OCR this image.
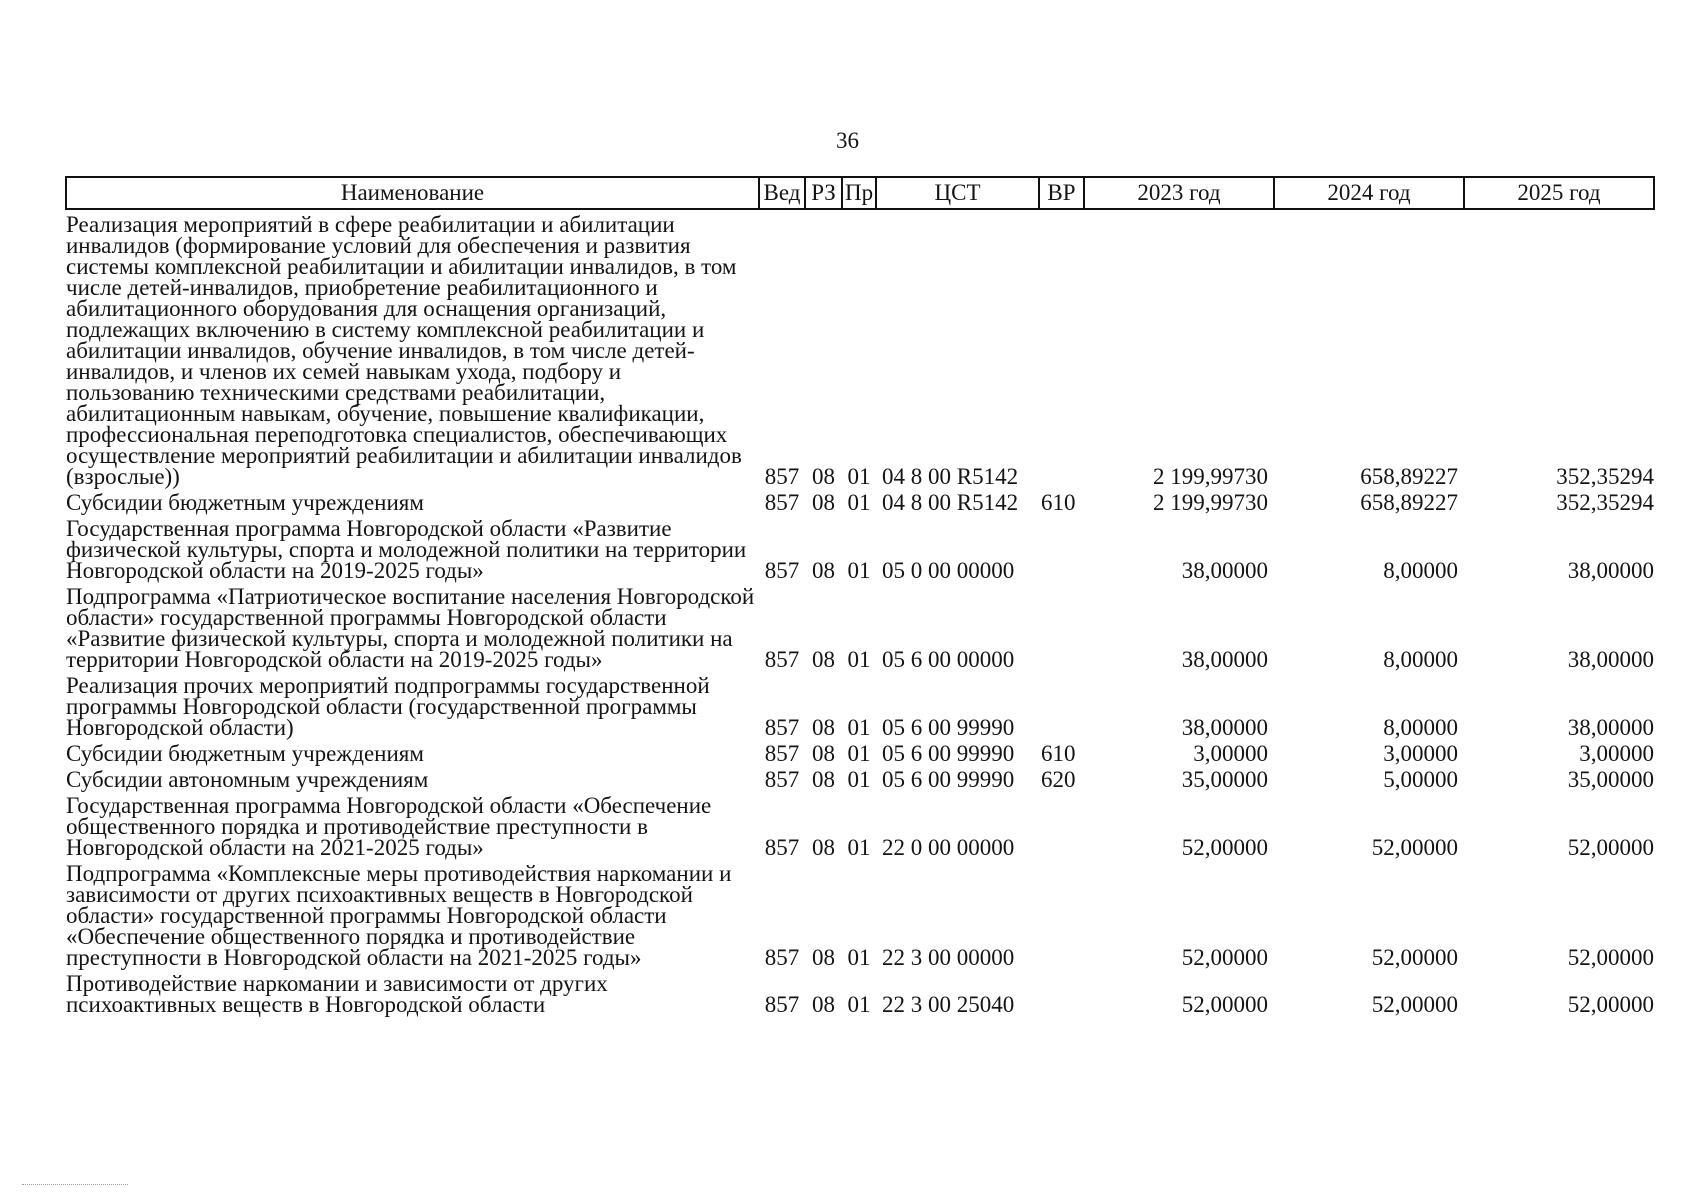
36
Наименование	Вед	РЗ	Пр	ЦСТ	ВР	2023 год	2024 год	2025 год
Реализация мероприятий в сфере реабилитации и абилитации инвалидов (формирование условий для обеспечения и развития системы комплексной реабилитации и абилитации инвалидов, в том числе детей-инвалидов, приобретение реабилитационного и абилитационного оборудования для оснащения организаций, подлежащих включению в систему комплексной реабилитации и абилитации инвалидов, обучение инвалидов, в том числе детей-инвалидов, и членов их семей навыкам ухода, подбору и пользованию техническими средствами реабилитации, абилитационным навыкам, обучение, повышение квалификации, профессиональная переподготовка специалистов, обеспечивающих осуществление мероприятий реабилитации и абилитации инвалидов (взрослые))	857	08	01	04 8 00 R5142		2 199,99730	658,89227	352,35294
Субсидии бюджетным учреждениям	857	08	01	04 8 00 R5142	610	2 199,99730	658,89227	352,35294
Государственная программа Новгородской области «Развитие физической культуры, спорта и молодежной политики на территории Новгородской области на 2019-2025 годы»	857	08	01	05 0 00 00000		38,00000	8,00000	38,00000
Подпрограмма «Патриотическое воспитание населения Новгородской области» государственной программы Новгородской области «Развитие физической культуры, спорта и молодежной политики на территории Новгородской области на 2019-2025 годы»	857	08	01	05 6 00 00000		38,00000	8,00000	38,00000
Реализация прочих мероприятий подпрограммы государственной программы Новгородской области (государственной программы Новгородской области)	857	08	01	05 6 00 99990		38,00000	8,00000	38,00000
Субсидии бюджетным учреждениям	857	08	01	05 6 00 99990	610	3,00000	3,00000	3,00000
Субсидии автономным учреждениям	857	08	01	05 6 00 99990	620	35,00000	5,00000	35,00000
Государственная программа Новгородской области «Обеспечение общественного порядка и противодействие преступности в Новгородской области на 2021-2025 годы»	857	08	01	22 0 00 00000		52,00000	52,00000	52,00000
Подпрограмма «Комплексные меры противодействия наркомании и зависимости от других психоактивных веществ в Новгородской области» государственной программы Новгородской области «Обеспечение общественного порядка и противодействие преступности в Новгородской области на 2021-2025 годы»	857	08	01	22 3 00 00000		52,00000	52,00000	52,00000
Противодействие наркомании и зависимости от других психоактивных веществ в Новгородской области	857	08	01	22 3 00 25040		52,00000	52,00000	52,00000
